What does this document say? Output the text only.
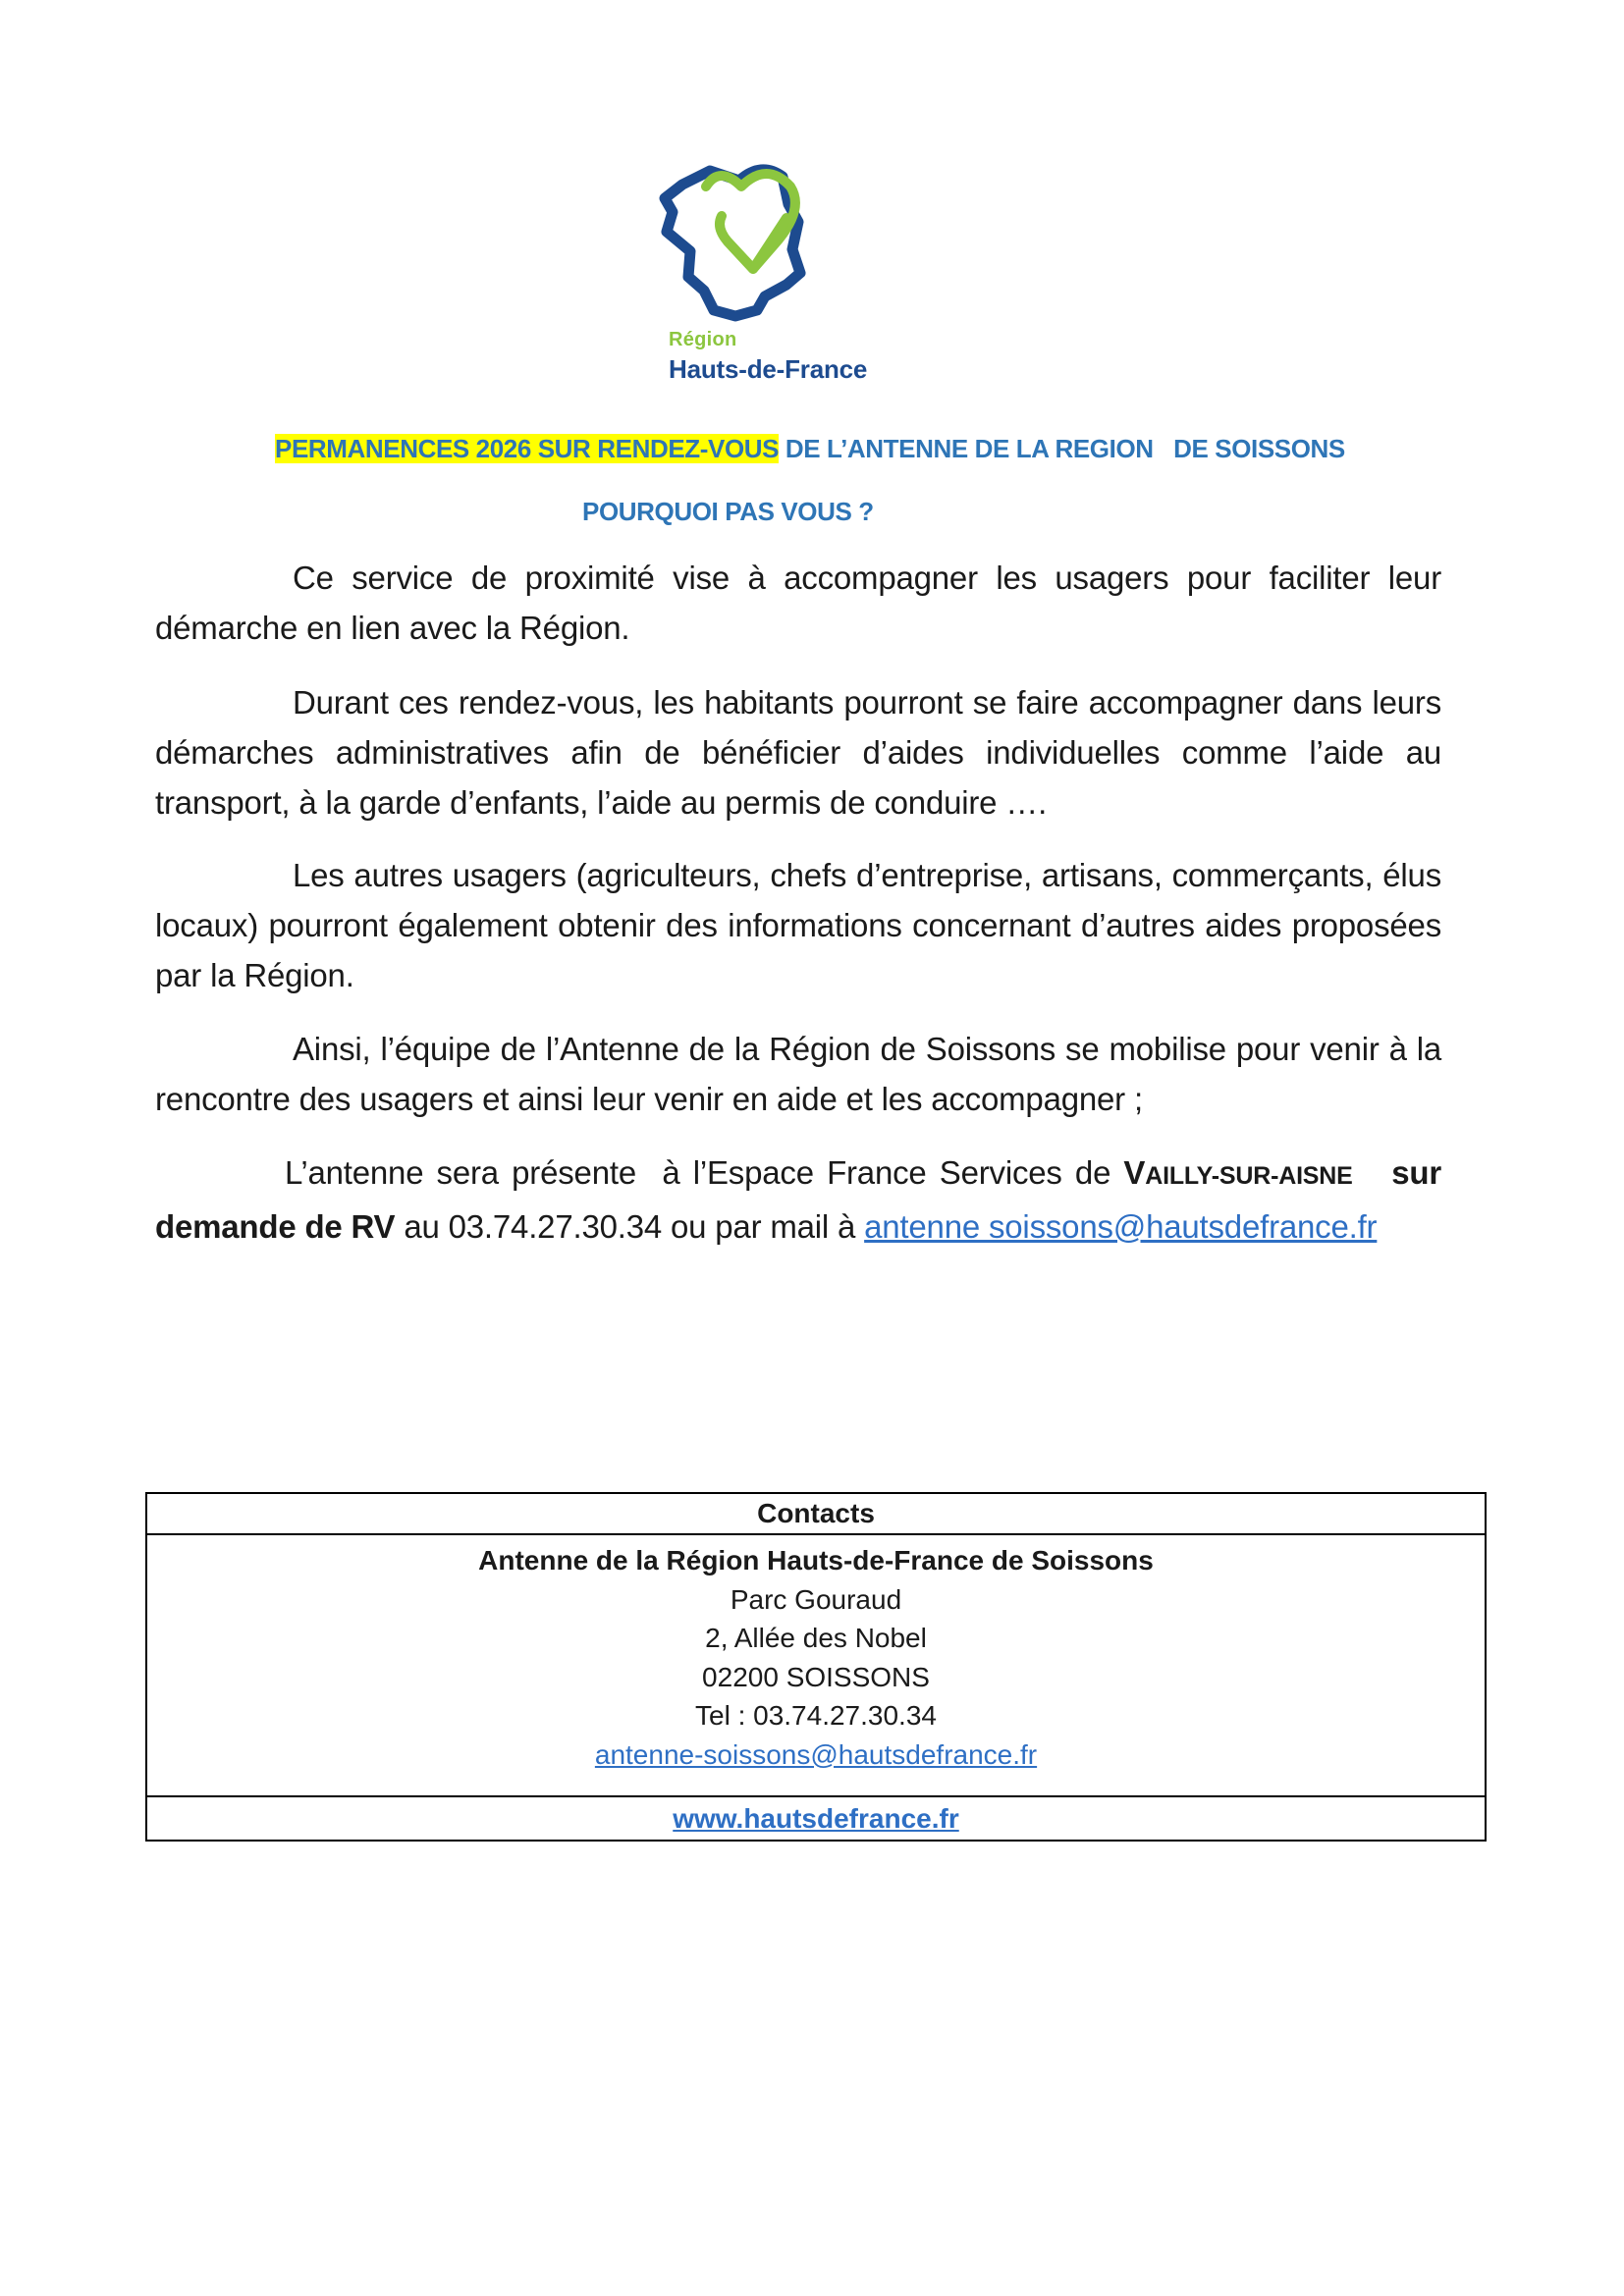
Région
Hauts-de-France
PERMANENCES 2026 SUR RENDEZ-VOUS DE L’ANTENNE DE LA REGION   DE SOISSONS
POURQUOI PAS VOUS ?

Ce service de proximité vise à accompagner les usagers pour faciliter leur démarche en lien avec la Région.

Durant ces rendez-vous, les habitants pourront se faire accompagner dans leurs démarches administratives afin de bénéficier d’aides individuelles comme l’aide au transport, à la garde d’enfants, l’aide au permis de conduire ….

Les autres usagers (agriculteurs, chefs d’entreprise, artisans, commerçants, élus locaux) pourront également obtenir des informations concernant d’autres aides proposées par la Région.

Ainsi, l’équipe de l’Antenne de la Région de Soissons se mobilise pour venir à la rencontre des usagers et ainsi leur venir en aide et les accompagner ;

L’antenne sera présente  à l’Espace France Services de VAILLY-SUR-AISNE   sur demande de RV au 03.74.27.30.34 ou par mail à antenne soissons@hautsdefrance.fr

Contacts

Antenne de la Région Hauts-de-France de Soissons
Parc Gouraud
2, Allée des Nobel
02200 SOISSONS
Tel : 03.74.27.30.34
antenne-soissons@hautsdefrance.fr

www.hautsdefrance.fr
